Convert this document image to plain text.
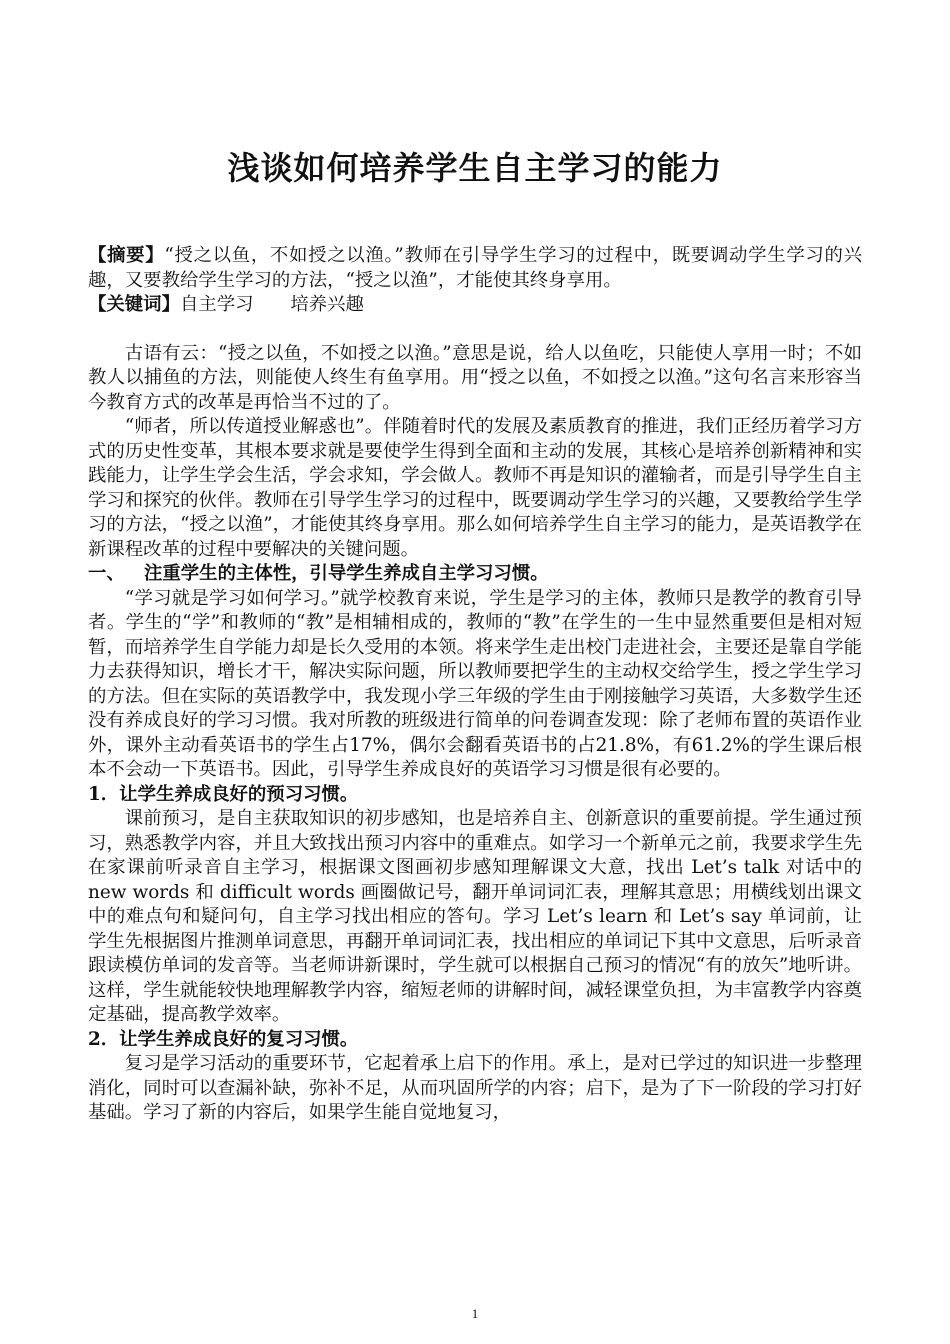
浅谈如何培养学生自主学习的能力

【摘要】“授之以鱼，不如授之以渔。”教师在引导学生学习的过程中，既要调动学生学习的兴趣，又要教给学生学习的方法，“授之以渔”，才能使其终身享用。

【关键词】自主学习　　培养兴趣

古语有云：“授之以鱼，不如授之以渔。”意思是说，给人以鱼吃，只能使人享用一时；不如教人以捕鱼的方法，则能使人终生有鱼享用。用“授之以鱼，不如授之以渔。”这句名言来形容当今教育方式的改革是再恰当不过的了。

“师者，所以传道授业解惑也”。伴随着时代的发展及素质教育的推进，我们正经历着学习方式的历史性变革，其根本要求就是要使学生得到全面和主动的发展，其核心是培养创新精神和实践能力，让学生学会生活，学会求知，学会做人。教师不再是知识的灌输者，而是引导学生自主学习和探究的伙伴。教师在引导学生学习的过程中，既要调动学生学习的兴趣，又要教给学生学习的方法，“授之以渔”，才能使其终身享用。那么如何培养学生自主学习的能力，是英语教学在新课程改革的过程中要解决的关键问题。

一、 注重学生的主体性，引导学生养成自主学习习惯。

“学习就是学习如何学习。”就学校教育来说，学生是学习的主体，教师只是教学的教育引导者。学生的“学”和教师的“教”是相辅相成的，教师的“教”在学生的一生中显然重要但是相对短暂，而培养学生自学能力却是长久受用的本领。将来学生走出校门走进社会，主要还是靠自学能力去获得知识，增长才干，解决实际问题，所以教师要把学生的主动权交给学生，授之学生学习的方法。但在实际的英语教学中，我发现小学三年级的学生由于刚接触学习英语，大多数学生还没有养成良好的学习习惯。我对所教的班级进行简单的问卷调查发现：除了老师布置的英语作业外，课外主动看英语书的学生占17%，偶尔会翻看英语书的占21.8%，有61.2%的学生课后根本不会动一下英语书。因此，引导学生养成良好的英语学习习惯是很有必要的。

1．让学生养成良好的预习习惯。

课前预习，是自主获取知识的初步感知，也是培养自主、创新意识的重要前提。学生通过预习，熟悉教学内容，并且大致找出预习内容中的重难点。如学习一个新单元之前，我要求学生先在家课前听录音自主学习，根据课文图画初步感知理解课文大意，找出 Let’s talk 对话中的 new words 和 difficult words 画圈做记号，翻开单词词汇表，理解其意思；用横线划出课文中的难点句和疑问句，自主学习找出相应的答句。学习 Let’s learn 和 Let’s say 单词前，让学生先根据图片推测单词意思，再翻开单词词汇表，找出相应的单词记下其中文意思，后听录音跟读模仿单词的发音等。当老师讲新课时，学生就可以根据自己预习的情况“有的放矢”地听讲。这样，学生就能较快地理解教学内容，缩短老师的讲解时间，减轻课堂负担，为丰富教学内容奠定基础，提高教学效率。

2．让学生养成良好的复习习惯。

复习是学习活动的重要环节，它起着承上启下的作用。承上，是对已学过的知识进一步整理消化，同时可以查漏补缺，弥补不足，从而巩固所学的内容；启下，是为了下一阶段的学习打好基础。学习了新的内容后，如果学生能自觉地复习，

1
